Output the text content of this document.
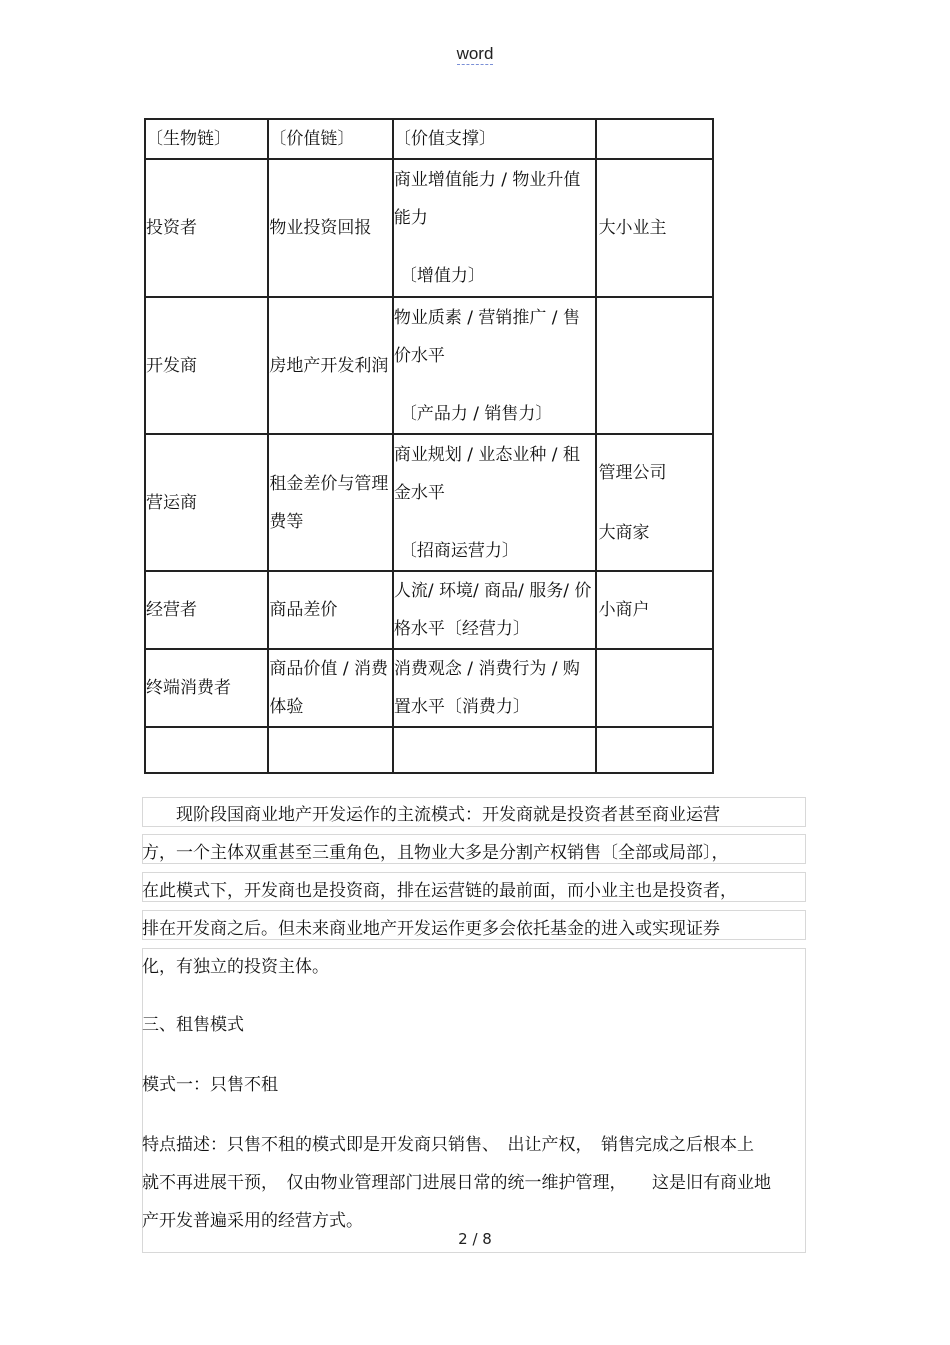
word
〔生物链〕	〔价值链〕	〔价值支撑〕	
投资者	物业投资回报	商业增值能力 / 物业升值能力
〔增值力〕	大小业主
开发商	房地产开发利润	物业质素 / 营销推广 / 售价水平
〔产品力 / 销售力〕	

营运商	租金差价与管理费等	商业规划 / 业态业种 / 租金水平
〔招商运营力〕	管理公司
大商家

经营者	商品差价	人流/ 环境/ 商品/ 服务/ 价格水平〔经营力〕	小商户
终端消费者	商品价值 / 消费体验	消费观念 / 消费行为 / 购置水平〔消费力〕	

现阶段国商业地产开发运作的主流模式：开发商就是投资者甚至商业运营
方，一个主体双重甚至三重角色，且物业大多是分割产权销售〔全部或局部〕，
在此模式下，开发商也是投资商，排在运营链的最前面，而小业主也是投资者，
排在开发商之后。但未来商业地产开发运作更多会依托基金的进入或实现证券
化，有独立的投资主体。
三、租售模式
模式一：只售不租
特点描述：只售不租的模式即是开发商只销售、　出让产权，　销售完成之后根本上
就不再进展干预，　仅由物业管理部门进展日常的统一维护管理，　　这是旧有商业地
产开发普遍采用的经营方式。
2 / 8
